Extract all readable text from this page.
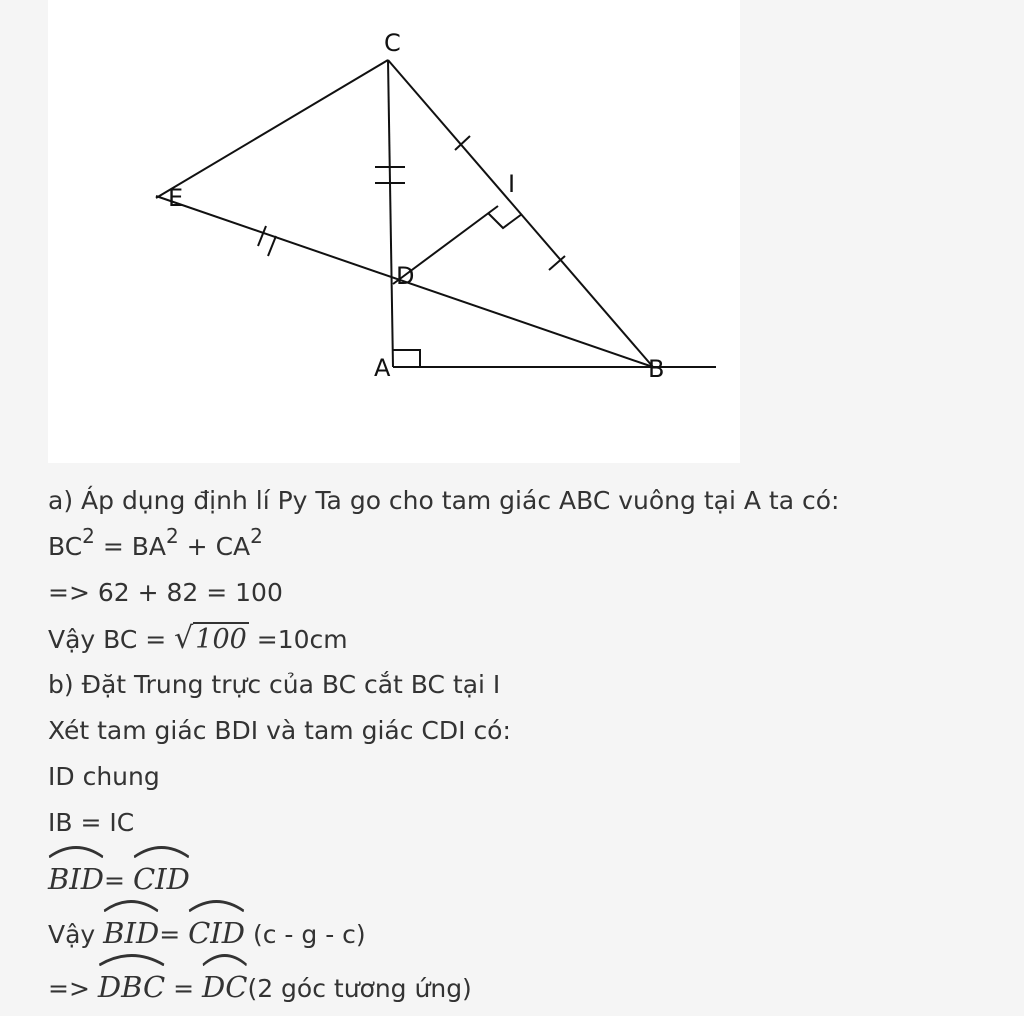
C
E	I
D
A	B
a) Áp dụng định lí Py Ta go cho tam giác ABC vuông tại A ta có:
$BC^2 = BA^2 + CA^2$
=> 62 + 82 = 100
Vậy BC = √100 =10cm
b) Đặt Trung trực của BC cắt BC tại I
Xét tam giác BDI và tam giác CDI có:
ID chung
IB = IC
BID=
CID
Vậy
BID=
CID (c - g - c)
=>
DBC =
DC(2 góc tương ứng)
